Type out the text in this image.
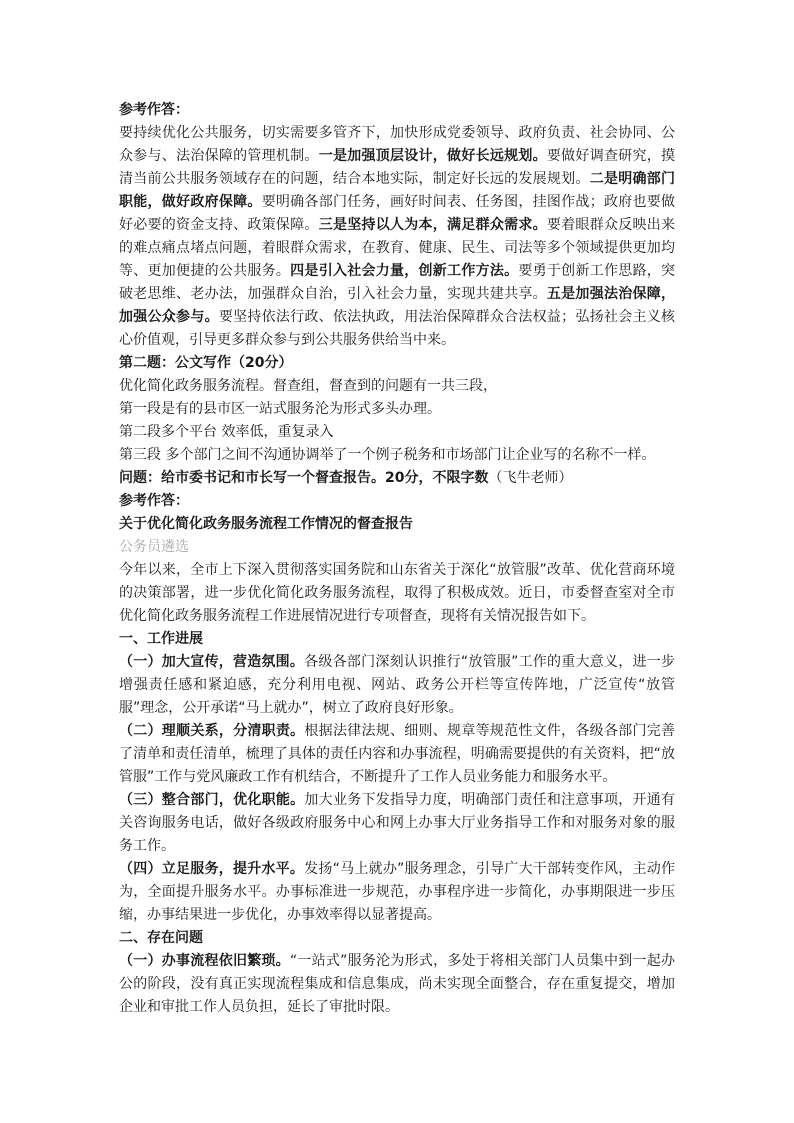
参考作答：

要持续优化公共服务，切实需要多管齐下，加快形成党委领导、政府负责、社会协同、公众参与、法治保障的管理机制。一是加强顶层设计，做好长远规划。要做好调查研究，摸清当前公共服务领域存在的问题，结合本地实际，制定好长远的发展规划。二是明确部门职能，做好政府保障。要明确各部门任务，画好时间表、任务图，挂图作战；政府也要做好必要的资金支持、政策保障。三是坚持以人为本，满足群众需求。要着眼群众反映出来的难点痛点堵点问题，着眼群众需求，在教育、健康、民生、司法等多个领域提供更加均等、更加便捷的公共服务。四是引入社会力量，创新工作方法。要勇于创新工作思路，突破老思维、老办法，加强群众自治，引入社会力量，实现共建共享。五是加强法治保障，加强公众参与。要坚持依法行政、依法执政，用法治保障群众合法权益；弘扬社会主义核心价值观，引导更多群众参与到公共服务供给当中来。

第二题：公文写作（20分）

优化简化政务服务流程。督查组，督查到的问题有一共三段，

第一段是有的县市区一站式服务沦为形式多头办理。

第二段多个平台 效率低，重复录入

第三段 多个部门之间不沟通协调举了一个例子税务和市场部门让企业写的名称不一样。

问题：给市委书记和市长写一个督查报告。20分，不限字数（飞牛老师）

参考作答：

关于优化简化政务服务流程工作情况的督查报告

公务员遴选

今年以来，全市上下深入贯彻落实国务院和山东省关于深化“放管服”改革、优化营商环境的决策部署，进一步优化简化政务服务流程，取得了积极成效。近日，市委督查室对全市优化简化政务服务流程工作进展情况进行专项督查，现将有关情况报告如下。

一、工作进展

（一）加大宣传，营造氛围。各级各部门深刻认识推行“放管服”工作的重大意义，进一步增强责任感和紧迫感，充分利用电视、网站、政务公开栏等宣传阵地，广泛宣传“放管服”理念，公开承诺“马上就办”，树立了政府良好形象。

（二）理顺关系，分清职责。根据法律法规、细则、规章等规范性文件，各级各部门完善了清单和责任清单，梳理了具体的责任内容和办事流程，明确需要提供的有关资料，把“放管服”工作与党风廉政工作有机结合，不断提升了工作人员业务能力和服务水平。

（三）整合部门，优化职能。加大业务下发指导力度，明确部门责任和注意事项，开通有关咨询服务电话，做好各级政府服务中心和网上办事大厅业务指导工作和对服务对象的服务工作。

（四）立足服务，提升水平。发扬“马上就办”服务理念，引导广大干部转变作风，主动作为，全面提升服务水平。办事标准进一步规范，办事程序进一步简化，办事期限进一步压缩，办事结果进一步优化，办事效率得以显著提高。

二、存在问题

（一）办事流程依旧繁琐。“一站式”服务沦为形式，多处于将相关部门人员集中到一起办公的阶段，没有真正实现流程集成和信息集成，尚未实现全面整合，存在重复提交，增加企业和审批工作人员负担，延长了审批时限。
